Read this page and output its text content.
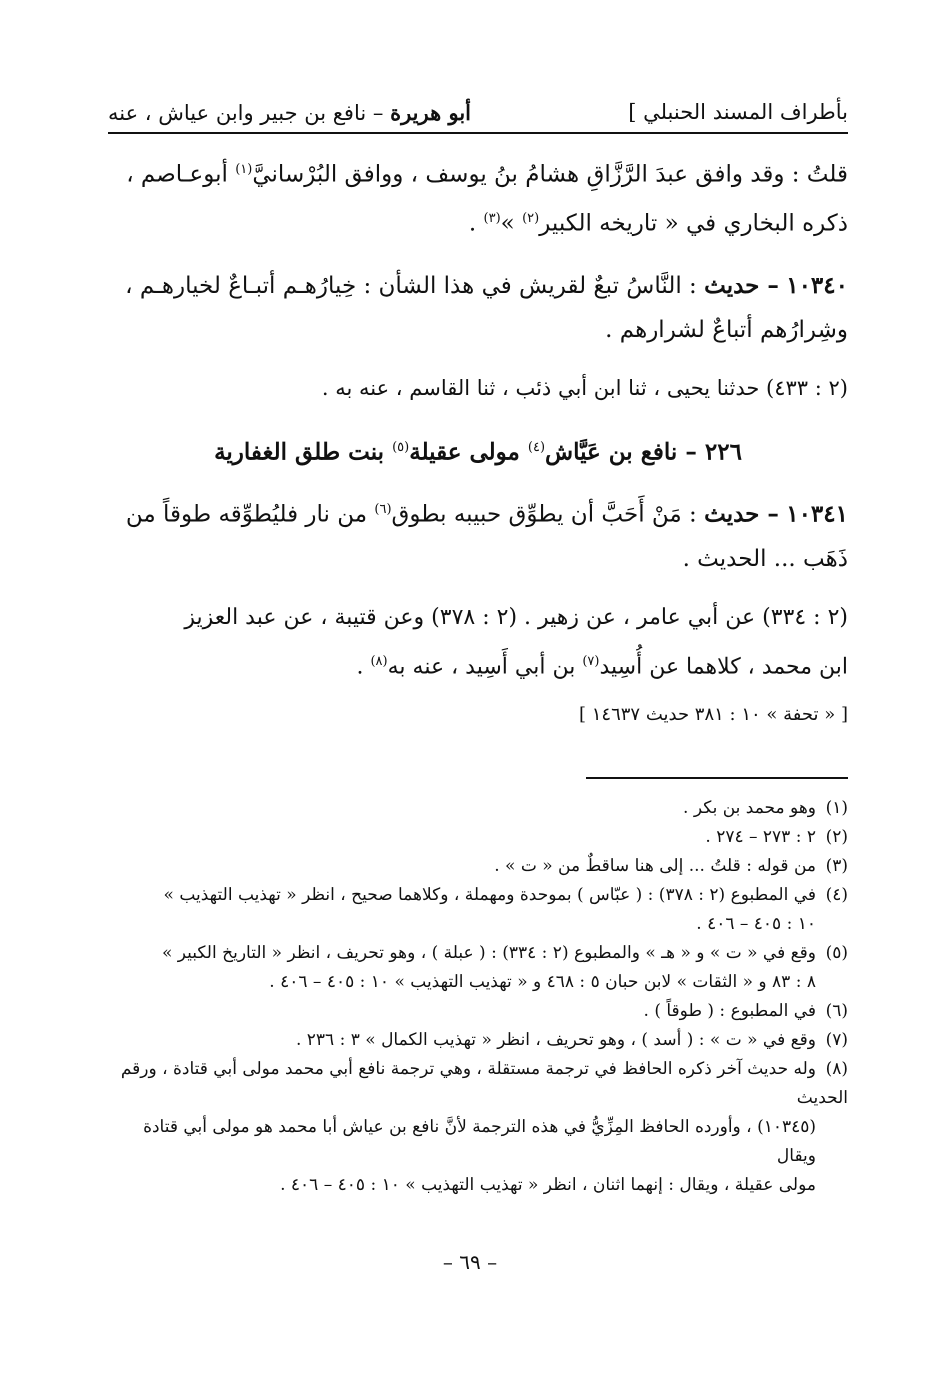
بأطراف المسند الحنبلي ]
أبو هريرة – نافع بن جبير وابن عياش ، عنه
قلتُ : وقد وافق عبدَ الرَّزَّاقِ هشامُ بنُ يوسف ، ووافق البُرْسانيَّ$^{(١)}$ أبوعـاصم ،
ذكره البخاري في « تاريخه الكبير$^{(٢)}$ »$^{(٣)}$ .
١٠٣٤٠ – حديث : النَّاسُ تبعٌ لقريش في هذا الشأن : خِيارُهـم أتبـاعٌ لخيارهـم ،
وشِرارُهم أتباعٌ لشرارهم .
(٢ : ٤٣٣) حدثنا يحيى ، ثنا ابن أبي ذئب ، ثنا القاسم ، عنه به .
٢٢٦ – نافع بن عَيَّاش$^{(٤)}$ مولى عقيلة$^{(٥)}$ بنت طلق الغفارية
١٠٣٤١ – حديث : مَنْ أَحَبَّ أن يطوِّق حبيبه بطوق$^{(٦)}$ من نار فليُطوِّقه طوقاً من
ذَهَب ... الحديث .
(٢ : ٣٣٤) عن أبي عامر ، عن زهير . (٢ : ٣٧٨) وعن قتيبة ، عن عبد العزيز
ابن محمد ، كلاهما عن أُسِيد$^{(٧)}$ بن أبي أَسِيد ، عنه به$^{(٨)}$ .
[ « تحفة » ١٠ : ٣٨١ حديث ١٤٦٣٧ ]
(١)وهو محمد بن بكر .
(٢)٢ : ٢٧٣ – ٢٧٤ .
(٣)من قوله : قلتُ ... إلى هنا ساقطٌ من « ت » .
(٤)في المطبوع (٢ : ٣٧٨) : ( عبّاس ) بموحدة ومهملة ، وكلاهما صحيح ، انظر « تهذيب التهذيب »
١٠ : ٤٠٥ – ٤٠٦ .
(٥)وقع في « ت » و « هـ » والمطبوع (٢ : ٣٣٤) : ( عبلة ) ، وهو تحريف ، انظر « التاريخ الكبير »
٨ : ٨٣ و « الثقات » لابن حبان ٥ : ٤٦٨ و « تهذيب التهذيب » ١٠ : ٤٠٥ – ٤٠٦ .
(٦)في المطبوع : ( طوقاً ) .
(٧)وقع في « ت » : ( أسد ) ، وهو تحريف ، انظر « تهذيب الكمال » ٣ : ٢٣٦ .
(٨)وله حديث آخر ذكره الحافظ في ترجمة مستقلة ، وهي ترجمة نافع أبي محمد مولى أبي قتادة ، ورقم الحديث
(١٠٣٤٥) ، وأورده الحافظ المِزِّيُّ في هذه الترجمة لأنَّ نافع بن عياش أبا محمد هو مولى أبي قتادة ويقال
مولى عقيلة ، ويقال : إنهما اثنان ، انظر « تهذيب التهذيب » ١٠ : ٤٠٥ – ٤٠٦ .
– ٦٩ –
